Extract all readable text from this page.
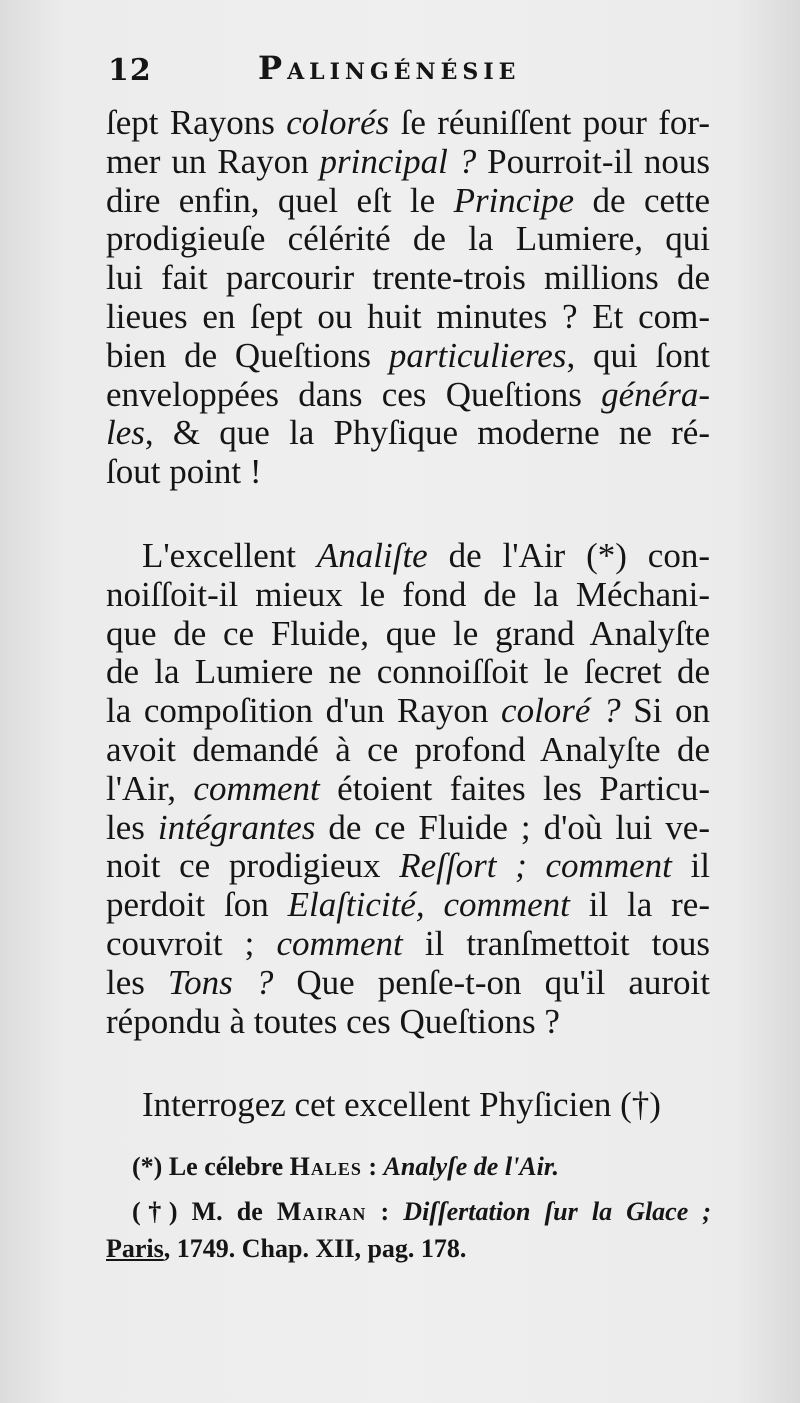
12	Palingénésie

ſept Rayons colorés ſe réuniſſent pour for-
mer un Rayon principal ? Pourroit-il nous
dire enfin, quel eſt le Principe de cette
prodigieuſe célérité de la Lumiere, qui
lui fait parcourir trente-trois millions de
lieues en ſept ou huit minutes ? Et com-
bien de Queſtions particulieres, qui ſont
enveloppées dans ces Queſtions généra-
les, & que la Phyſique moderne ne ré-
ſout point !

L'excellent Analiſte de l'Air (*) con-
noiſſoit-il mieux le fond de la Méchani-
que de ce Fluide, que le grand Analyſte
de la Lumiere ne connoiſſoit le ſecret de
la compoſition d'un Rayon coloré ? Si on
avoit demandé à ce profond Analyſte de
l'Air, comment étoient faites les Particu-
les intégrantes de ce Fluide ; d'où lui ve-
noit ce prodigieux Reſſort ; comment il
perdoit ſon Elaſticité, comment il la re-
couvroit ; comment il tranſmettoit tous
les Tons ? Que penſe-t-on qu'il auroit
répondu à toutes ces Queſtions ?

Interrogez cet excellent Phyſicien (†)

(*) Le célebre Hales : Analyſe de l'Air.
(†) M. de Mairan : Diſſertation ſur la Glace ;
Paris, 1749. Chap. XII, pag. 178.
